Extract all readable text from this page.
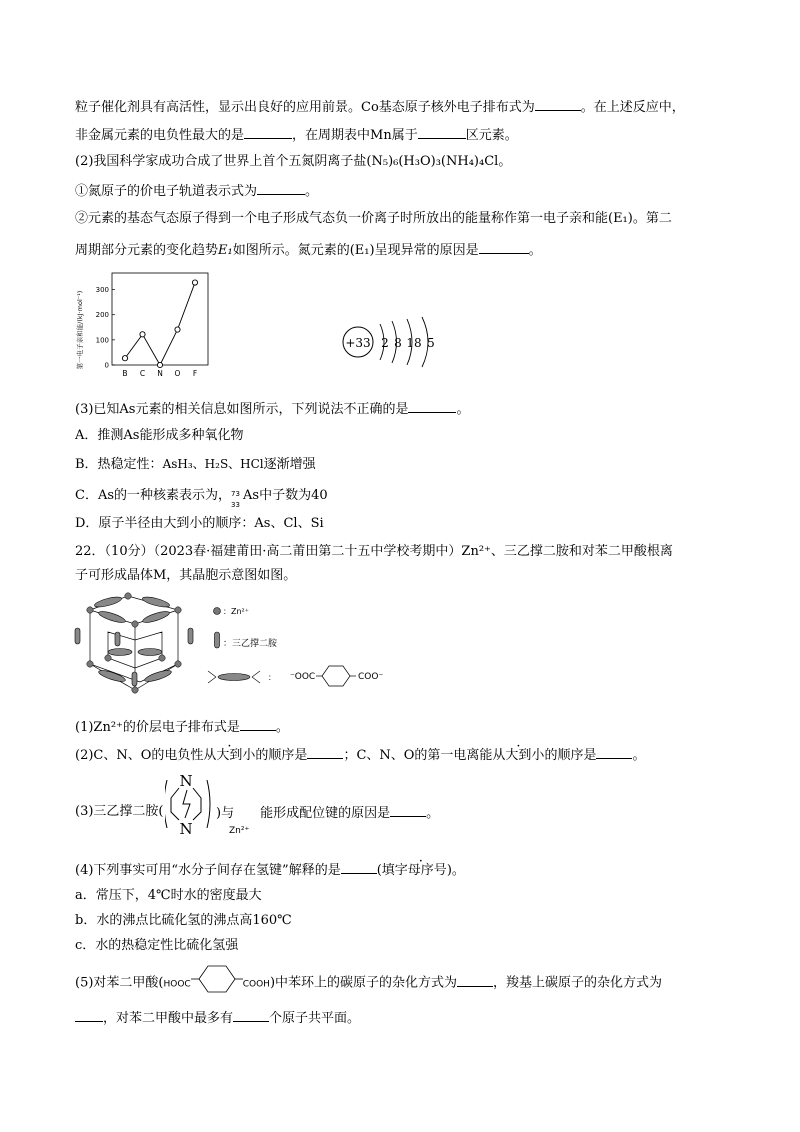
粒子催化剂具有高活性，显示出良好的应用前景。Co基态原子核外电子排布式为	。在上述反应中，
非金属元素的电负性最大的是	，在周期表中Mn属于	区元素。
(2)我国科学家成功合成了世界上首个五氮阴离子盐(N₅)₆(H₃O)₃(NH₄)₄Cl。
①氮原子的价电子轨道表示式为	。
②元素的基态气态原子得到一个电子形成气态负一价离子时所放出的能量称作第一电子亲和能(E₁)。第二
周期部分元素的变化趋势E₁如图所示。氮元素的(E₁)呈现异常的原因是	。
第一电子亲和能/(kJ·mol⁻¹)	0
100
200
300
B C N O F
+33 2 8 18 5
(3)已知As元素的相关信息如图所示，下列说法不正确的是	。
A．推测As能形成多种氧化物
B．热稳定性：AsH₃、H₂S、HCl逐渐增强
C．As的一种核素表示为， 73
33
As中子数为40
D．原子半径由大到小的顺序：As、Cl、Si
22．（10分）（2023春·福建莆田·高二莆田第二十五中学校考期中）Zn²⁺、三乙撑二胺和对苯二甲酸根离
子可形成晶体M，其晶胞示意图如图。
：Zn²⁺
：三乙撑二胺
： ⁻OOC	COO⁻
(1)Zn²⁺的价层电子排布式是	。
(2)C、N、O的电负性从大到小的顺序是	；C、N、O的第一电离能从大到小的顺序是	。
(3)三乙撑二胺(
N
N
)与 能形成配位键的原因是	。
Zn²⁺
(4)下列事实可用“水分子间存在氢键”解释的是	(填字母序号)。
a．常压下，4℃时水的密度最大
b．水的沸点比硫化氢的沸点高160℃
c．水的热稳定性比硫化氢强
(5)对苯二甲酸(HOOC	COOH)中苯环上的碳原子的杂化方式为	，羧基上碳原子的杂化方式为
，对苯二甲酸中最多有	个原子共平面。
